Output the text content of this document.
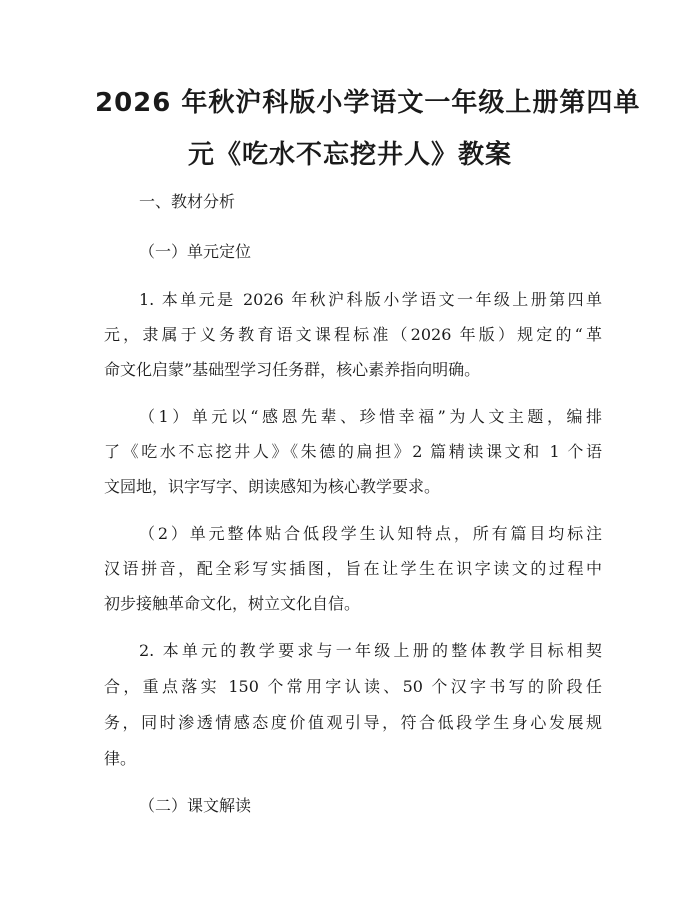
2026 年秋沪科版小学语文一年级上册第四单
元《吃水不忘挖井人》教案
一、教材分析
（一）单元定位
1. 本单元是 2026 年秋沪科版小学语文一年级上册第四单
元，隶属于义务教育语文课程标准（2026 年版）规定的“革
命文化启蒙”基础型学习任务群，核心素养指向明确。
（1）单元以“感恩先辈、珍惜幸福”为人文主题，编排
了《吃水不忘挖井人》《朱德的扁担》2 篇精读课文和 1 个语
文园地，识字写字、朗读感知为核心教学要求。
（2）单元整体贴合低段学生认知特点，所有篇目均标注
汉语拼音，配全彩写实插图，旨在让学生在识字读文的过程中
初步接触革命文化，树立文化自信。
2. 本单元的教学要求与一年级上册的整体教学目标相契
合，重点落实 150 个常用字认读、50 个汉字书写的阶段任
务，同时渗透情感态度价值观引导，符合低段学生身心发展规
律。
（二）课文解读
